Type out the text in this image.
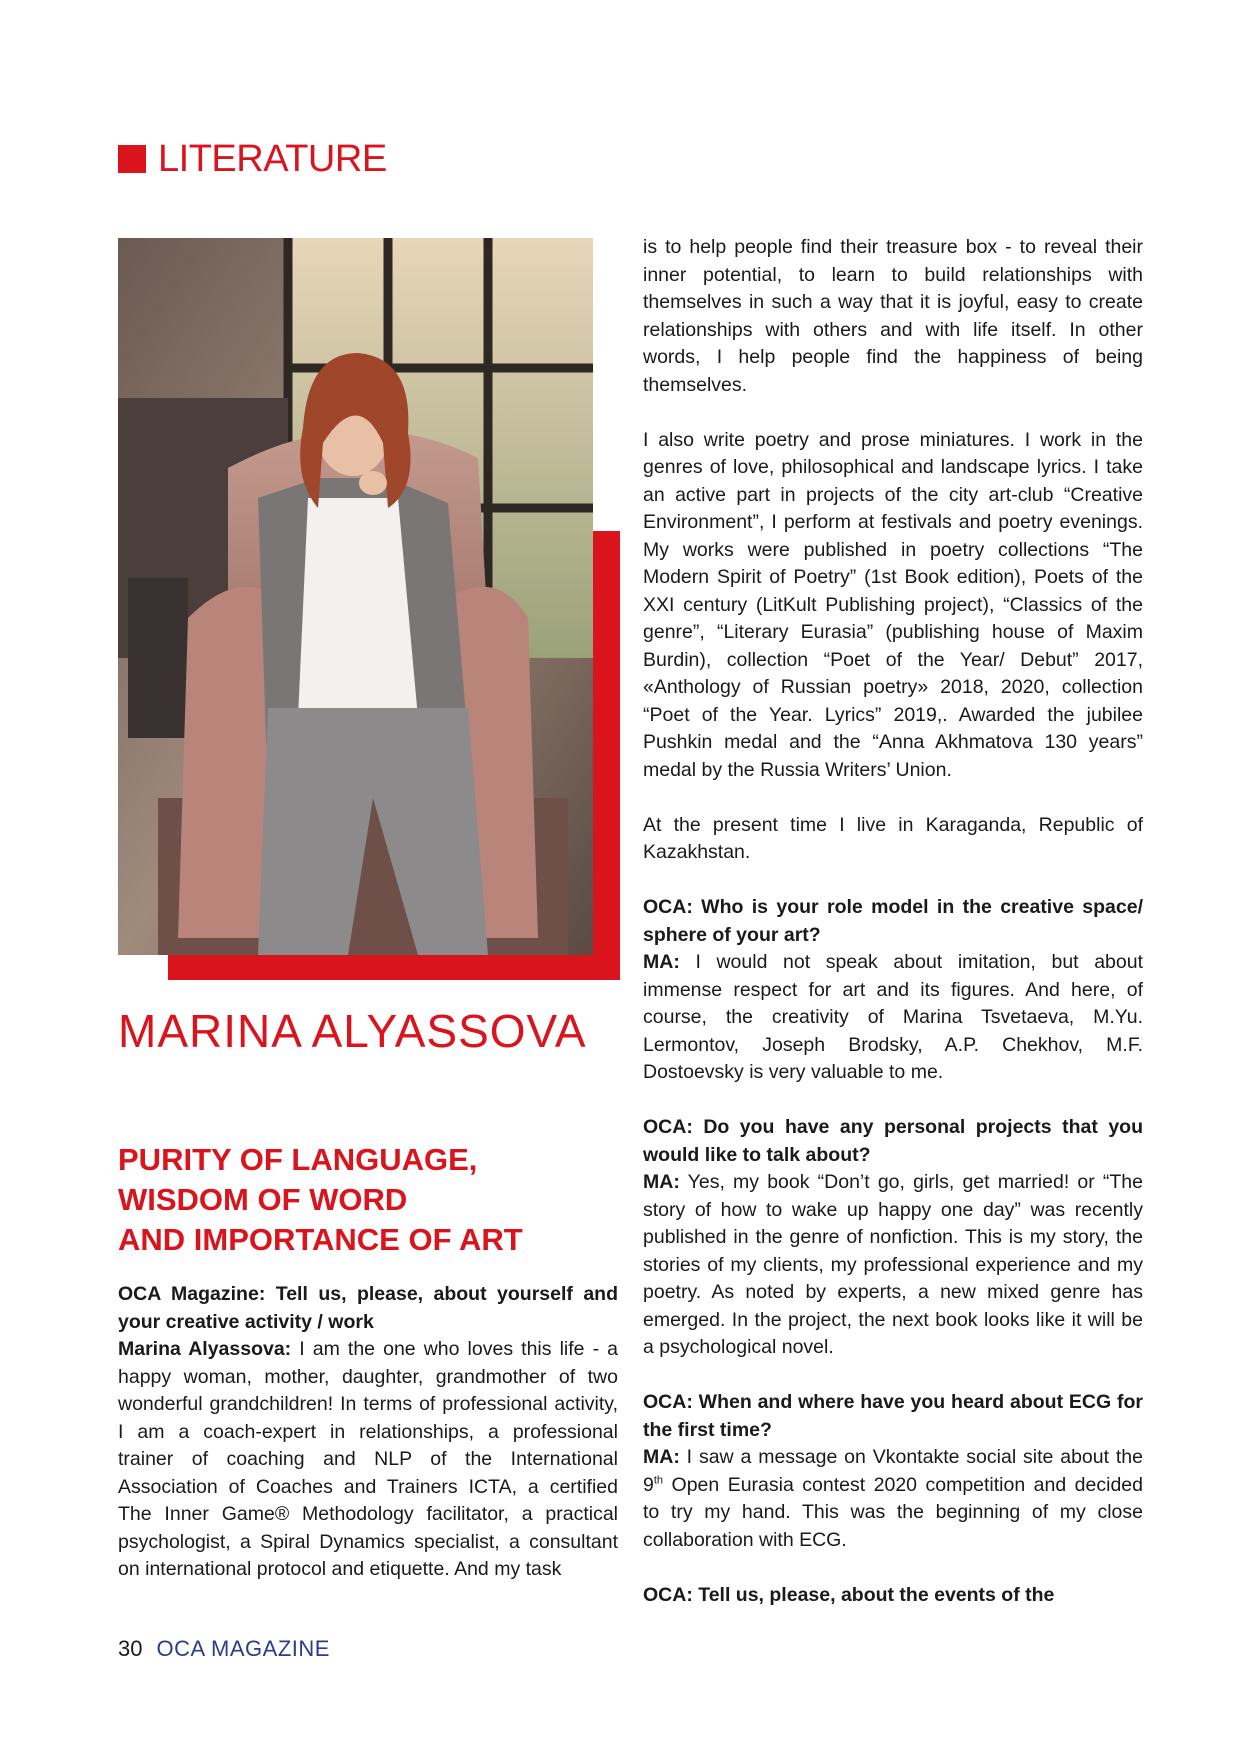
LITERATURE
MARINA ALYASSOVA
PURITY OF LANGUAGE,
WISDOM OF WORD
AND IMPORTANCE OF ART

OCA Magazine: Tell us, please, about yourself and your creative activity / work
Marina Alyassova: I am the one who loves this life - a happy woman, mother, daughter, grandmother of two wonderful grandchildren! In terms of professional activity, I am a coach-expert in relationships, a professional trainer of coaching and NLP of the International Association of Coaches and Trainers ICTA, a certified The Inner Game® Methodology facilitator, a practical psychologist, a Spiral Dynamics specialist, a consultant on international protocol and etiquette. And my task

is to help people find their treasure box - to reveal their inner potential, to learn to build relationships with themselves in such a way that it is joyful, easy to create relationships with others and with life itself. In other words, I help people find the happiness of being themselves.

I also write poetry and prose miniatures. I work in the genres of love, philosophical and landscape lyrics. I take an active part in projects of the city art-club “Creative Environment”, I perform at festivals and poetry evenings. My works were published in poetry collections “The Modern Spirit of Poetry” (1st Book edition), Poets of the XXI century (LitKult Publishing project), “Classics of the genre”, “Literary Eurasia” (publishing house of Maxim Burdin), collection “Poet of the Year/ Debut” 2017, «Anthology of Russian poetry» 2018, 2020, collection “Poet of the Year. Lyrics” 2019,. Awarded the jubilee Pushkin medal and the “Anna Akhmatova 130 years” medal by the Russia Writers’ Union.

At the present time I live in Karaganda, Republic of Kazakhstan.

OCA: Who is your role model in the creative space/ sphere of your art?
MA: I would not speak about imitation, but about immense respect for art and its figures. And here, of course, the creativity of Marina Tsvetaeva, M.Yu. Lermontov, Joseph Brodsky, A.P. Chekhov, M.F. Dostoevsky is very valuable to me.

OCA: Do you have any personal projects that you would like to talk about?
MA: Yes, my book “Don’t go, girls, get married! or “The story of how to wake up happy one day” was recently published in the genre of nonfiction. This is my story, the stories of my clients, my professional experience and my poetry. As noted by experts, a new mixed genre has emerged. In the project, the next book looks like it will be a psychological novel.

OCA: When and where have you heard about ECG for the first time?
MA: I saw a message on Vkontakte social site about the 9th Open Eurasia contest 2020 competition and decided to try my hand. This was the beginning of my close collaboration with ECG.

OCA: Tell us, please, about the events of the

30 OCA MAGAZINE
